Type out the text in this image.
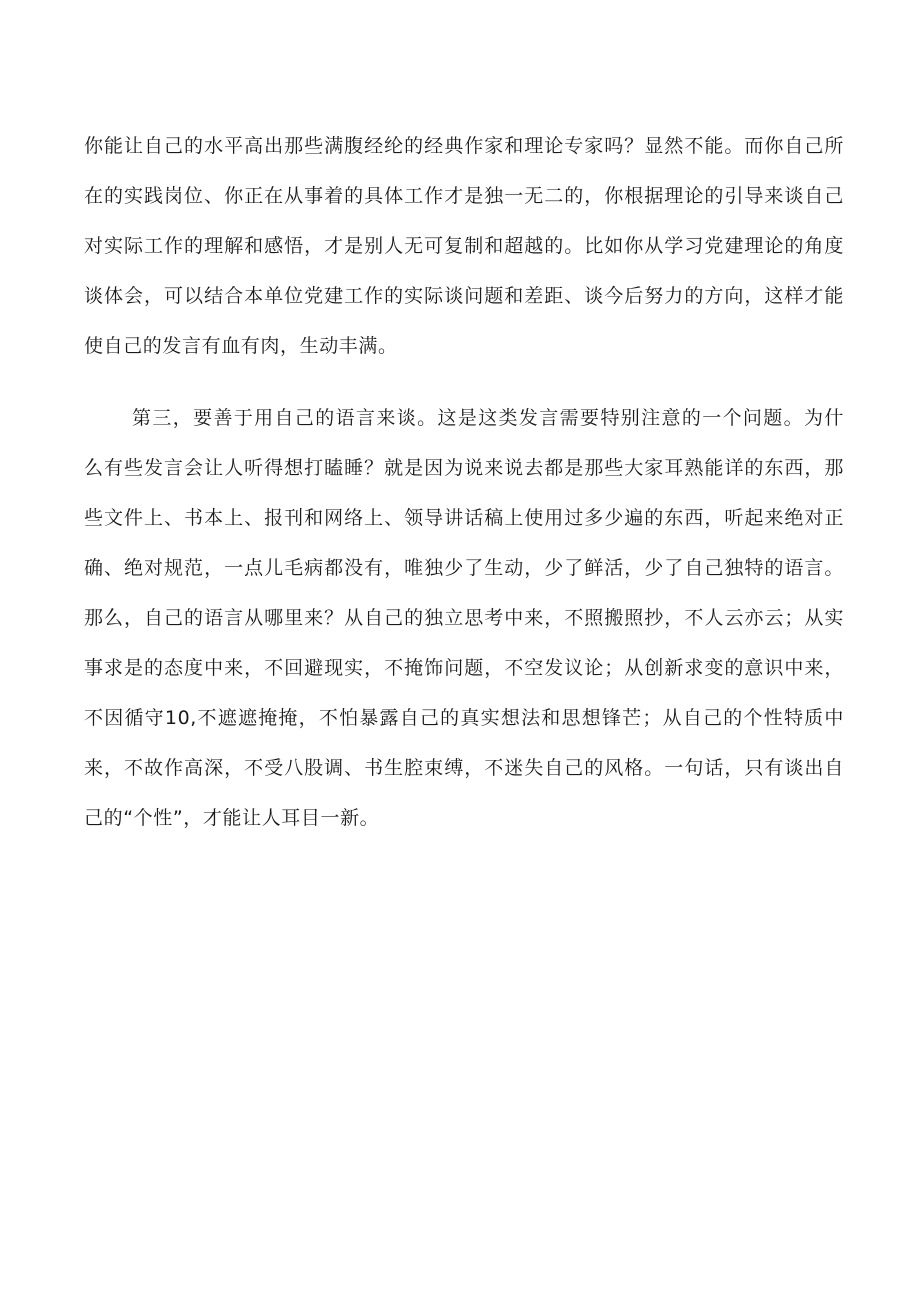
你能让自己的水平高出那些满腹经纶的经典作家和理论专家吗？显然不能。而你自己所
在的实践岗位、你正在从事着的具体工作才是独一无二的，你根据理论的引导来谈自己
对实际工作的理解和感悟，才是别人无可复制和超越的。比如你从学习党建理论的角度
谈体会，可以结合本单位党建工作的实际谈问题和差距、谈今后努力的方向，这样才能
使自己的发言有血有肉，生动丰满。
第三，要善于用自己的语言来谈。这是这类发言需要特别注意的一个问题。为什
么有些发言会让人听得想打瞌睡？就是因为说来说去都是那些大家耳熟能详的东西，那
些文件上、书本上、报刊和网络上、领导讲话稿上使用过多少遍的东西，听起来绝对正
确、绝对规范，一点儿毛病都没有，唯独少了生动，少了鲜活，少了自己独特的语言。
那么，自己的语言从哪里来？从自己的独立思考中来，不照搬照抄，不人云亦云；从实
事求是的态度中来，不回避现实，不掩饰问题，不空发议论；从创新求变的意识中来，
不因循守10,不遮遮掩掩，不怕暴露自己的真实想法和思想锋芒；从自己的个性特质中
来，不故作高深，不受八股调、书生腔束缚，不迷失自己的风格。一句话，只有谈出自
己的“个性”，才能让人耳目一新。
